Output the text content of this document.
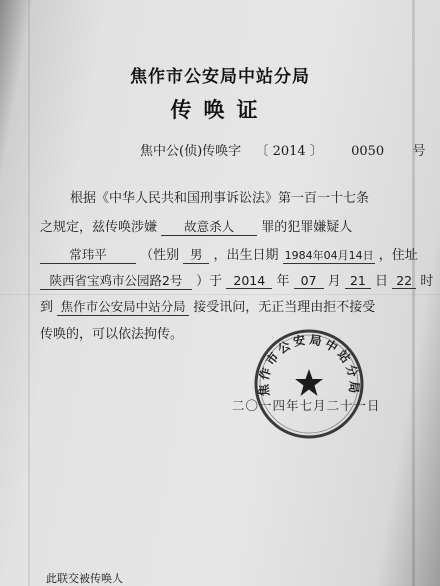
焦作市公安局中站分局
传唤证
焦中公(侦)传唤字 〔 2014 〕 0050 号
根据《中华人民共和国刑事诉讼法》第一百一十七条
之规定，兹传唤涉嫌 故意杀人 罪的犯罪嫌疑人
常玮平	（性别 男 ，出生日期 1984年04月14日 ，住址
陕西省宝鸡市公园路2号 ）于 2014 年 07 月 21 日 22 时
到 焦作市公安局中站分局 接受讯问，无正当理由拒不接受
传唤的，可以依法拘传。
二〇一四年七月二十一日
焦作市公安局中站分局
此联交被传唤人
